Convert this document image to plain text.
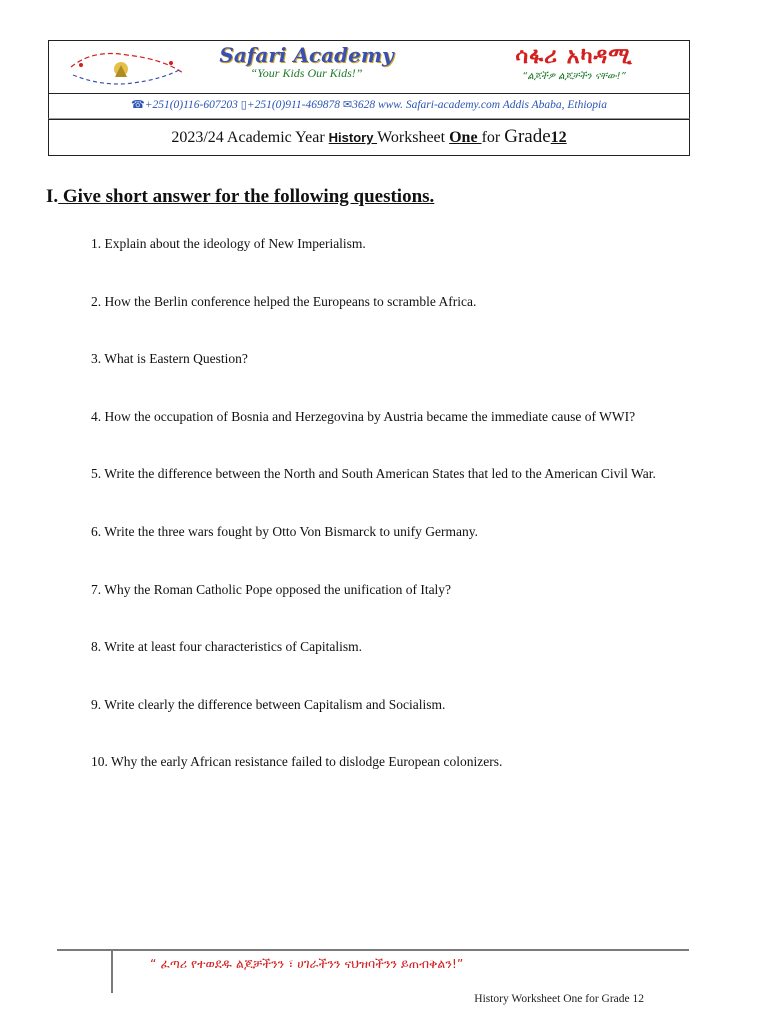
Safari Academy
“Your Kids Our Kids!”
ሳፋሪ አካዳሚ
“ልጆችዎ ልጆቻችን ናቸው!”
☎+251(0)116-607203 ▯+251(0)911-469878 ✉3628 www. Safari-academy.com Addis Ababa, Ethiopia
2023/24 Academic Year History Worksheet One for Grade12
I. Give short answer for the following questions.
1. Explain about the ideology of New Imperialism.
2. How the Berlin conference helped the Europeans to scramble Africa.
3. What is Eastern Question?
4. How the occupation of Bosnia and Herzegovina by Austria became the immediate cause of WWI?
5. Write the difference between the North and South American States that led to the American Civil War.
6. Write the three wars fought by Otto Von Bismarck to unify Germany.
7. Why the Roman Catholic Pope opposed the unification of Italy?
8. Write at least four characteristics of Capitalism.
9. Write clearly the difference between Capitalism and Socialism.
10. Why the early African resistance failed to dislodge European colonizers.
“ ፈጣሪ የተወደዱ ልጆቻችንን ፣ ሀገራችንን ናህዝባችንን ይጠብቅልን!”
History Worksheet One for Grade 12
